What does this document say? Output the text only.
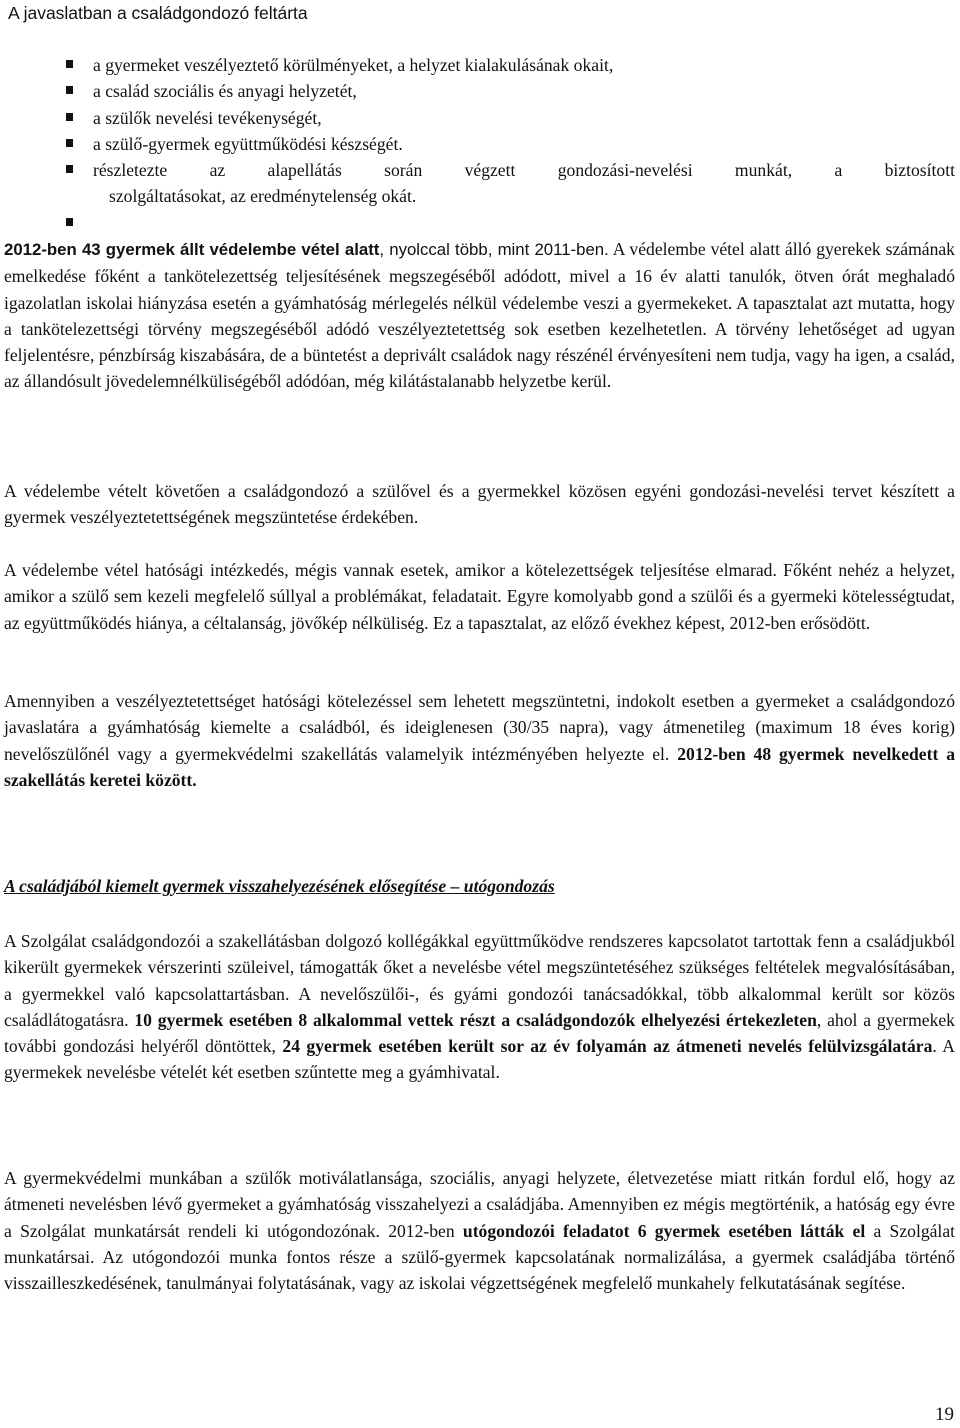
A javaslatban a családgondozó feltártа
a gyermeket veszélyeztető körülményeket, a helyzet kialakulásának okait,
a család szociális és anyagi helyzetét,
a szülők nevelési tevékenységét,
a szülő-gyermek együttműködési készségét.
részletezte az alapellátás során végzett gondozási-nevelési munkát, a biztosított
szolgáltatásokat, az eredménytelenség okát.
2012-ben 43 gyermek állt védelembe vétel alatt, nyolccal több, mint 2011-ben. A védelembe vétel alatt álló gyerekek számának emelkedése főként a tankötelezettség teljesítésének megszegéséből adódott, mivel a 16 év alatti tanulók, ötven órát meghaladó igazolatlan iskolai hiányzása esetén a gyámhatóság mérlegelés nélkül védelembe veszi a gyermekeket. A tapasztalat azt mutatta, hogy a tankötelezettségi törvény megszegéséből adódó veszélyeztetettség sok esetben kezelhetetlen. A törvény lehetőséget ad ugyan feljelentésre, pénzbírság kiszabására, de a büntetést a deprivált családok nagy részénél érvényesíteni nem tudja, vagy ha igen, a család, az állandósult jövedelemnélküliségéből adódóan, még kilátástalanabb helyzetbe kerül.
A védelembe vételt követően a családgondozó a szülővel és a gyermekkel közösen egyéni gondozási-nevelési tervet készített a gyermek veszélyeztetettségének megszüntetése érdekében.
A védelembe vétel hatósági intézkedés, mégis vannak esetek, amikor a kötelezettségek teljesítése elmarad. Főként nehéz a helyzet, amikor a szülő sem kezeli megfelelő súllyal a problémákat, feladatait. Egyre komolyabb gond a szülői és a gyermeki kötelességtudat, az együttműködés hiánya, a céltalanság, jövőkép nélküliség. Ez a tapasztalat, az előző évekhez képest, 2012-ben erősödött.
Amennyiben a veszélyeztetettséget hatósági kötelezéssel sem lehetett megszüntetni, indokolt esetben a gyermeket a családgondozó javaslatára a gyámhatóság kiemelte a családból, és ideiglenesen (30/35 napra), vagy átmenetileg (maximum 18 éves korig) nevelőszülőnél vagy a gyermekvédelmi szakellátás valamelyik intézményében helyezte el. 2012-ben 48 gyermek nevelkedett a szakellátás keretei között.
A családjából kiemelt gyermek visszahelyezésének elősegítése – utógondozás
A Szolgálat családgondozói a szakellátásban dolgozó kollégákkal együttműködve rendszeres kapcsolatot tartottak fenn a családjukból kikerült gyermekek vérszerinti szüleivel, támogatták őket a nevelésbe vétel megszüntetéséhez szükséges feltételek megvalósításában, a gyermekkel való kapcsolattartásban. A nevelőszülői-, és gyámi gondozói tanácsadókkal, több alkalommal került sor közös családlátogatásra. 10 gyermek esetében 8 alkalommal vettek részt a családgondozók elhelyezési értekezleten, ahol a gyermekek további gondozási helyéről döntöttek, 24 gyermek esetében került sor az év folyamán az átmeneti nevelés felülvizsgálatára. A gyermekek nevelésbe vételét két esetben szűntette meg a gyámhivatal.
A gyermekvédelmi munkában a szülők motiválatlansága, szociális, anyagi helyzete, életvezetése miatt ritkán fordul elő, hogy az átmeneti nevelésben lévő gyermeket a gyámhatóság visszahelyezi a családjába. Amennyiben ez mégis megtörténik, a hatóság egy évre a Szolgálat munkatársát rendeli ki utógondozónak. 2012-ben utógondozói feladatot 6 gyermek esetében látták el a Szolgálat munkatársai. Az utógondozói munka fontos része a szülő-gyermek kapcsolatának normalizálása, a gyermek családjába történő visszailleszkedésének, tanulmányai folytatásának, vagy az iskolai végzettségének megfelelő munkahely felkutatásának segítése.
19
